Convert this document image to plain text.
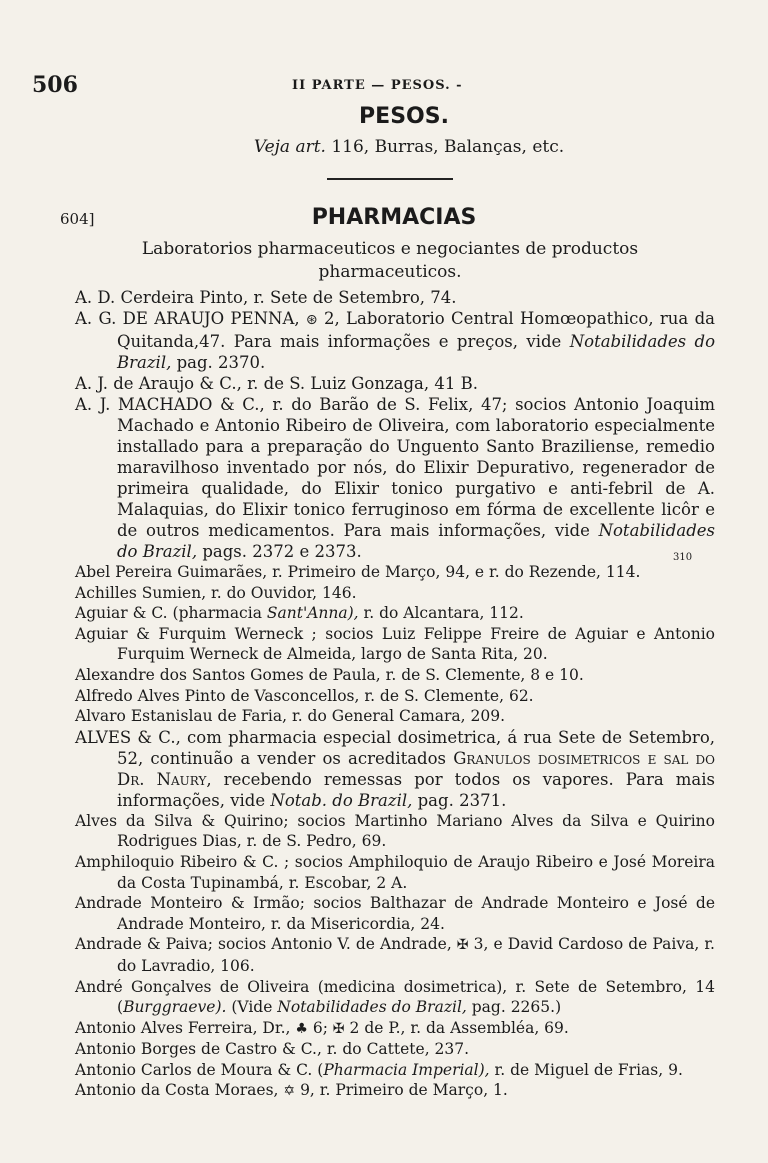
506	II PARTE — PESOS. -
PESOS.
Veja art. 116, Burras, Balanças, etc.
604]	PHARMACIAS
Laboratorios pharmaceuticos e negociantes de productos pharmaceuticos.

A. D. Cerdeira Pinto, r. Sete de Setembro, 74.

A. G. DE ARAUJO PENNA, ⊛ 2, Laboratorio Central Homœopathico, rua da Quitanda,47. Para mais informações e preços, vide Notabilidades do Brazil, pag. 2370.

A. J. de Araujo & C., r. de S. Luiz Gonzaga, 41 B.

A. J. MACHADO & C., r. do Barão de S. Felix, 47; socios Antonio Joaquim Machado e Antonio Ribeiro de Oliveira, com laboratorio especialmente installado para a preparação do Unguento Santo Braziliense, remedio maravilhoso inventado por nós, do Elixir Depurativo, regenerador de primeira qualidade, do Elixir tonico purgativo e anti-febril de A. Malaquias, do Elixir tonico ferruginoso em fórma de excellente licôr e de outros medicamentos. Para mais informações, vide Notabilidades do Brazil, pags. 2372 e 2373.	310

Abel Pereira Guimarães, r. Primeiro de Março, 94, e r. do Rezende, 114.

Achilles Sumien, r. do Ouvidor, 146.

Aguiar & C. (pharmacia Sant'Anna), r. do Alcantara, 112.

Aguiar & Furquim Werneck ; socios Luiz Felippe Freire de Aguiar e Antonio Furquim Werneck de Almeida, largo de Santa Rita, 20.

Alexandre dos Santos Gomes de Paula, r. de S. Clemente, 8 e 10.

Alfredo Alves Pinto de Vasconcellos, r. de S. Clemente, 62.

Alvaro Estanislau de Faria, r. do General Camara, 209.

ALVES & C., com pharmacia especial dosimetrica, á rua Sete de Setembro, 52, continuão a vender os acreditados Granulos dosimetricos e sal do Dr. Naury, recebendo remessas por todos os vapores. Para mais informações, vide Notab. do Brazil, pag. 2371.

Alves da Silva & Quirino; socios Martinho Mariano Alves da Silva e Quirino Rodrigues Dias, r. de S. Pedro, 69.

Amphiloquio Ribeiro & C. ; socios Amphiloquio de Araujo Ribeiro e José Moreira da Costa Tupinambá, r. Escobar, 2 A.

Andrade Monteiro & Irmão; socios Balthazar de Andrade Monteiro e José de Andrade Monteiro, r. da Misericordia, 24.

Andrade & Paiva; socios Antonio V. de Andrade, ✠ 3, e David Cardoso de Paiva, r. do Lavradio, 106.

André Gonçalves de Oliveira (medicina dosimetrica), r. Sete de Setembro, 14 (Burggraeve). (Vide Notabilidades do Brazil, pag. 2265.)

Antonio Alves Ferreira, Dr., ♣ 6; ✠ 2 de P., r. da Assembléa, 69.

Antonio Borges de Castro & C., r. do Cattete, 237.

Antonio Carlos de Moura & C. (Pharmacia Imperial), r. de Miguel de Frias, 9.

Antonio da Costa Moraes, ✡ 9, r. Primeiro de Março, 1.
